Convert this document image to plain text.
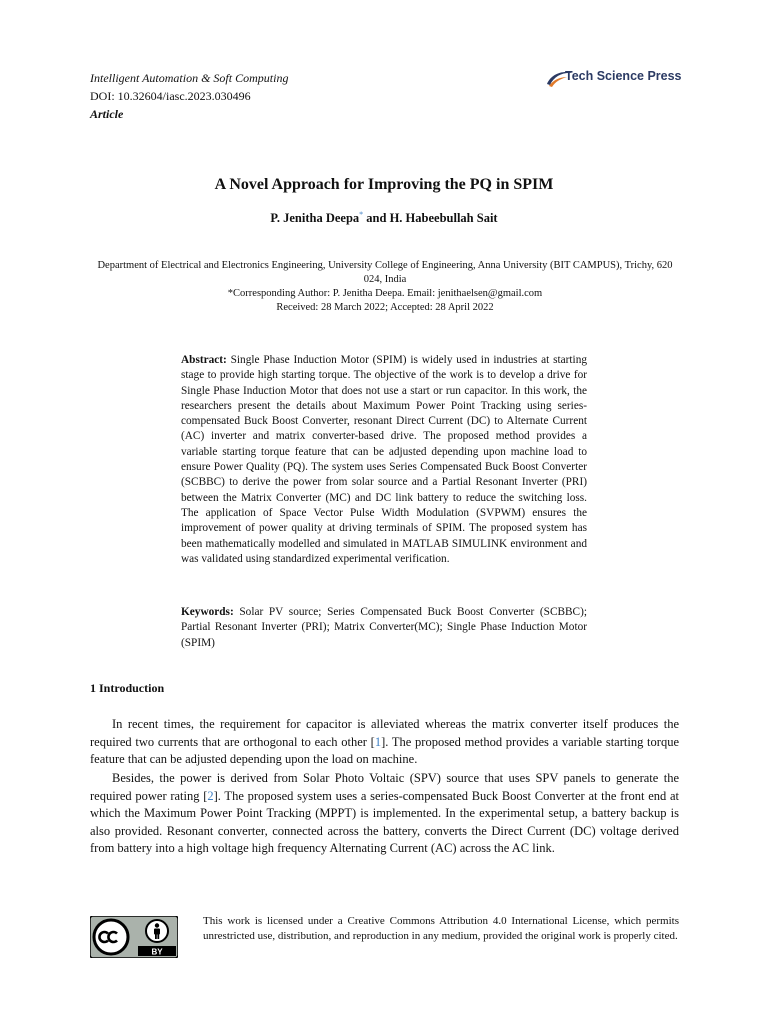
Intelligent Automation & Soft Computing
DOI: 10.32604/iasc.2023.030496
Article
Tech Science Press
A Novel Approach for Improving the PQ in SPIM
P. Jenitha Deepa* and H. Habeebullah Sait
Department of Electrical and Electronics Engineering, University College of Engineering, Anna University (BIT CAMPUS), Trichy, 620 024, India
*Corresponding Author: P. Jenitha Deepa. Email: jenithaelsen@gmail.com
Received: 28 March 2022; Accepted: 28 April 2022
Abstract: Single Phase Induction Motor (SPIM) is widely used in industries at starting stage to provide high starting torque. The objective of the work is to develop a drive for Single Phase Induction Motor that does not use a start or run capacitor. In this work, the researchers present the details about Maximum Power Point Tracking using series-compensated Buck Boost Converter, resonant Direct Current (DC) to Alternate Current (AC) inverter and matrix converter-based drive. The proposed method provides a variable starting torque feature that can be adjusted depending upon machine load to ensure Power Quality (PQ). The system uses Series Compensated Buck Boost Converter (SCBBC) to derive the power from solar source and a Partial Resonant Inverter (PRI) between the Matrix Converter (MC) and DC link battery to reduce the switching loss. The application of Space Vector Pulse Width Modulation (SVPWM) ensures the improvement of power quality at driving terminals of SPIM. The proposed system has been mathematically modelled and simulated in MATLAB SIMULINK environment and was validated using standardized experimental verification.
Keywords: Solar PV source; Series Compensated Buck Boost Converter (SCBBC); Partial Resonant Inverter (PRI); Matrix Converter(MC); Single Phase Induction Motor (SPIM)
1 Introduction
In recent times, the requirement for capacitor is alleviated whereas the matrix converter itself produces the required two currents that are orthogonal to each other [1]. The proposed method provides a variable starting torque feature that can be adjusted depending upon the load on machine.
Besides, the power is derived from Solar Photo Voltaic (SPV) source that uses SPV panels to generate the required power rating [2]. The proposed system uses a series-compensated Buck Boost Converter at the front end at which the Maximum Power Point Tracking (MPPT) is implemented. In the experimental setup, a battery backup is also provided. Resonant converter, connected across the battery, converts the Direct Current (DC) voltage derived from battery into a high voltage high frequency Alternating Current (AC) across the AC link.
BY
This work is licensed under a Creative Commons Attribution 4.0 International License, which permits unrestricted use, distribution, and reproduction in any medium, provided the original work is properly cited.
